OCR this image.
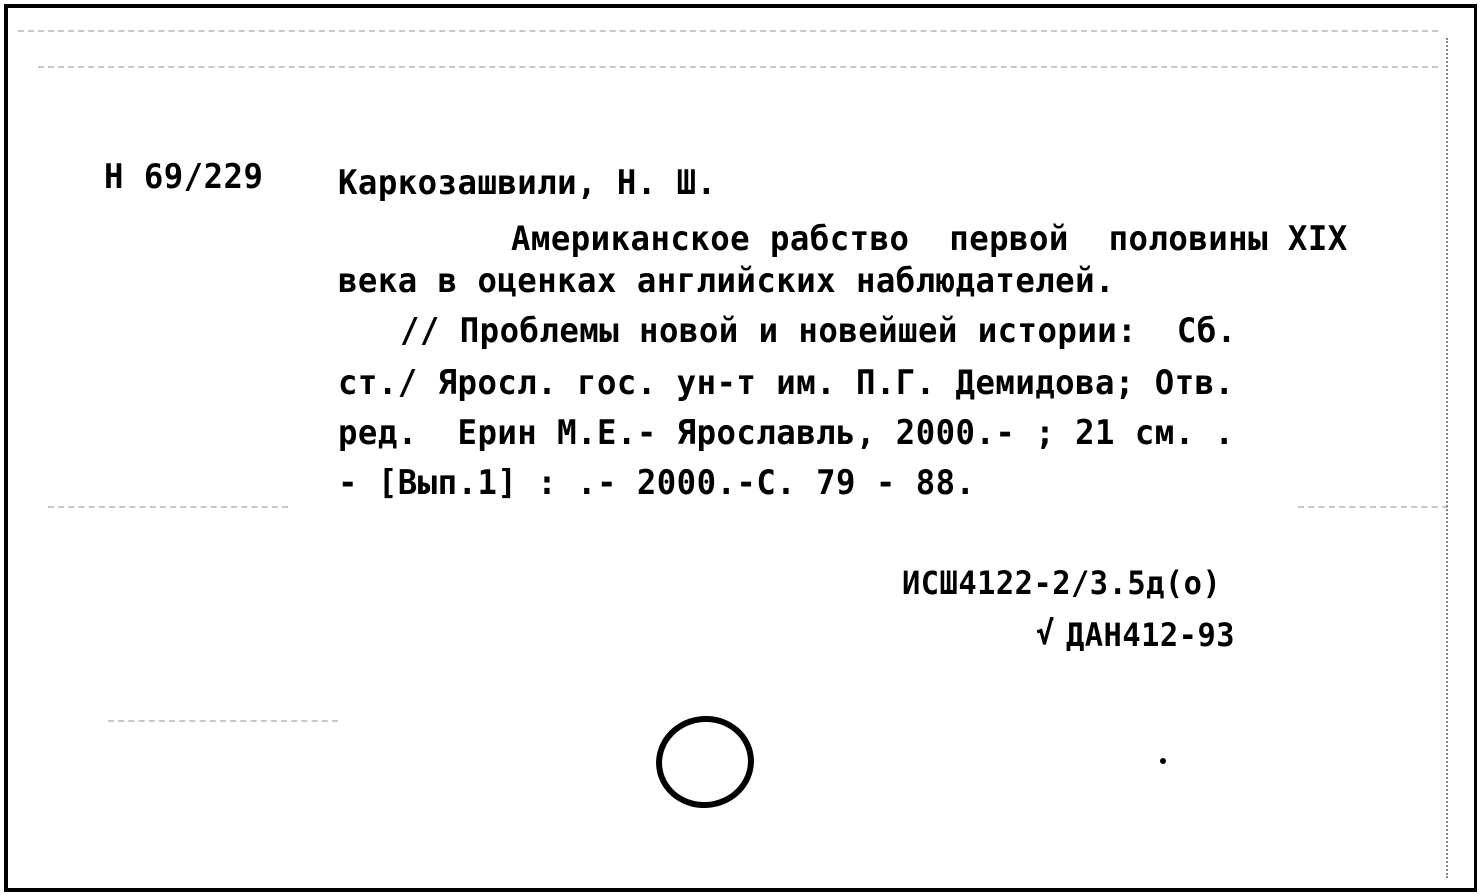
Н 69/229 Каркозашвили, Н. Ш.
Американское рабство  первой  половины XIX
века в оценках английских наблюдателей.
// Проблемы новой и новейшей истории:  Сб.
ст./ Яросл. гос. ун-т им. П.Г. Демидова; Отв.
ред.  Ерин М.Е.- Ярославль, 2000.- ; 21 см. .
- [Вып.1] : .- 2000.-С. 79 - 88.
ИСШ4122-2/3.5д(о)
√ ДАН412-93
